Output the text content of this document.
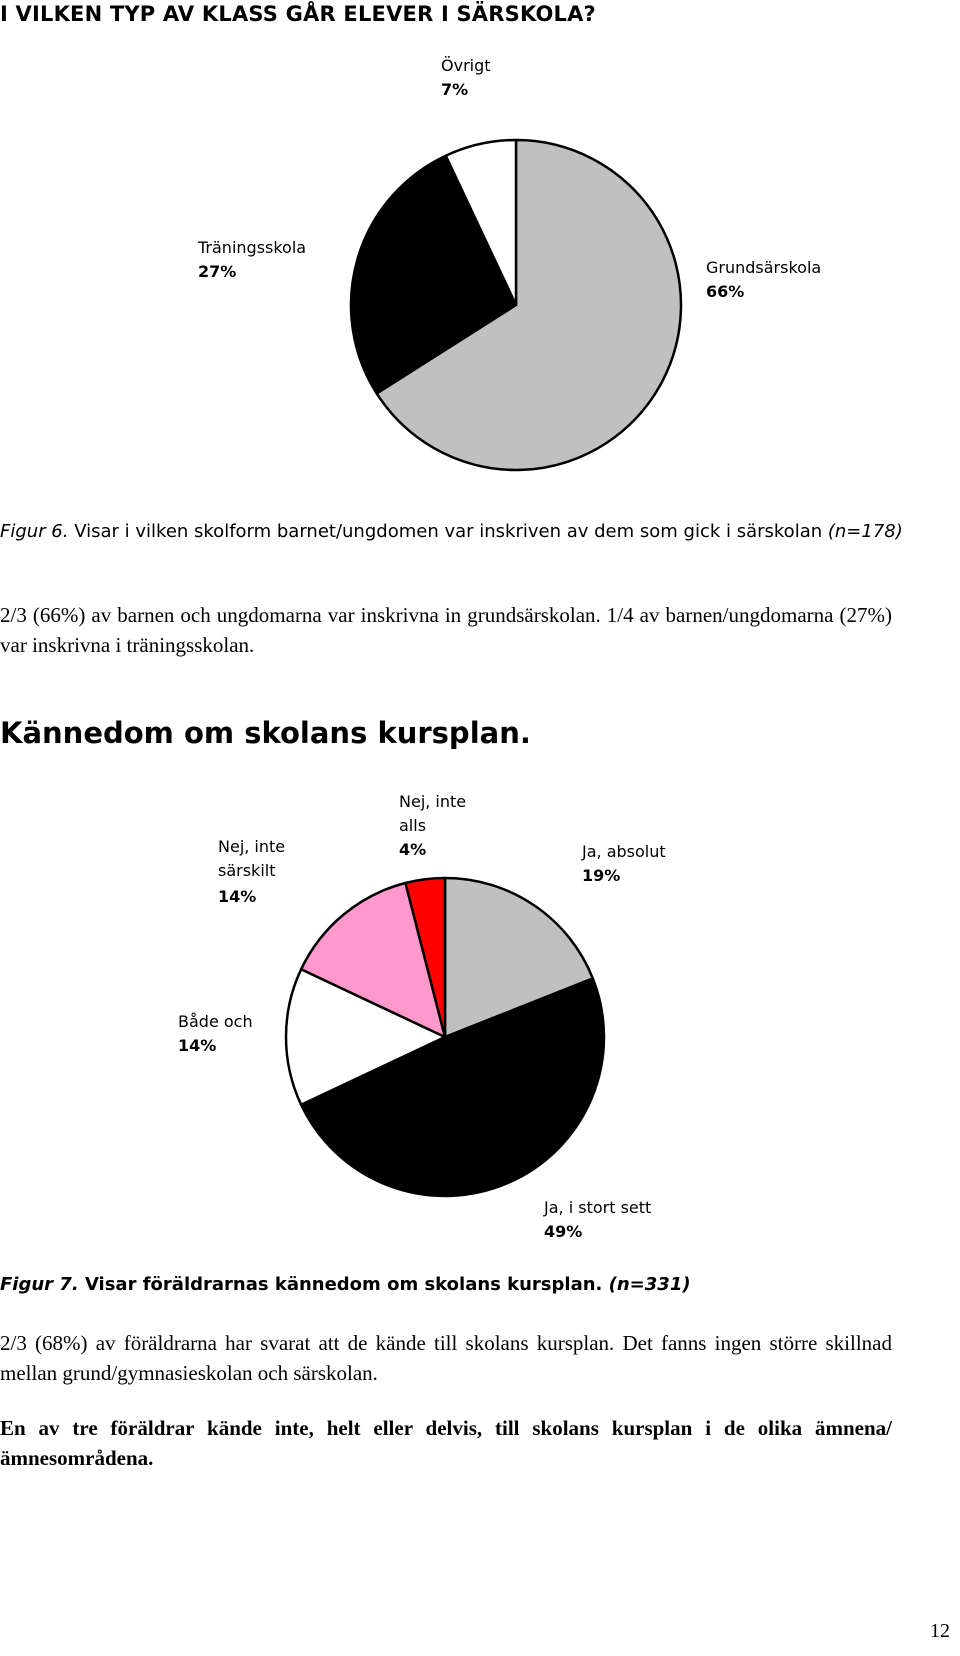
I VILKEN TYP AV KLASS GÅR ELEVER I SÄRSKOLA?
Övrigt
7%
Träningsskola
27%	Grundsärskola
66%
Figur 6. Visar i vilken skolform barnet/ungdomen var inskriven av dem som gick i särskolan (n=178)
2/3 (66%) av barnen och ungdomarna var inskrivna in grundsärskolan. 1/4 av barnen/ungdomarna (27%) var inskrivna i träningsskolan.
Kännedom om skolans kursplan.
Nej, inte
alls
4%
Nej, inte
särskilt
14%
Ja, absolut
19%
Både och
14%
Ja, i stort sett
49%
Figur 7. Visar föräldrarnas kännedom om skolans kursplan. (n=331)
2/3 (68%) av föräldrarna har svarat att de kände till skolans kursplan. Det fanns ingen större skillnad mellan grund/gymnasieskolan och särskolan.
En av tre föräldrar kände inte, helt eller delvis, till skolans kursplan i de olika ämnena/ämnesområdena.
12
